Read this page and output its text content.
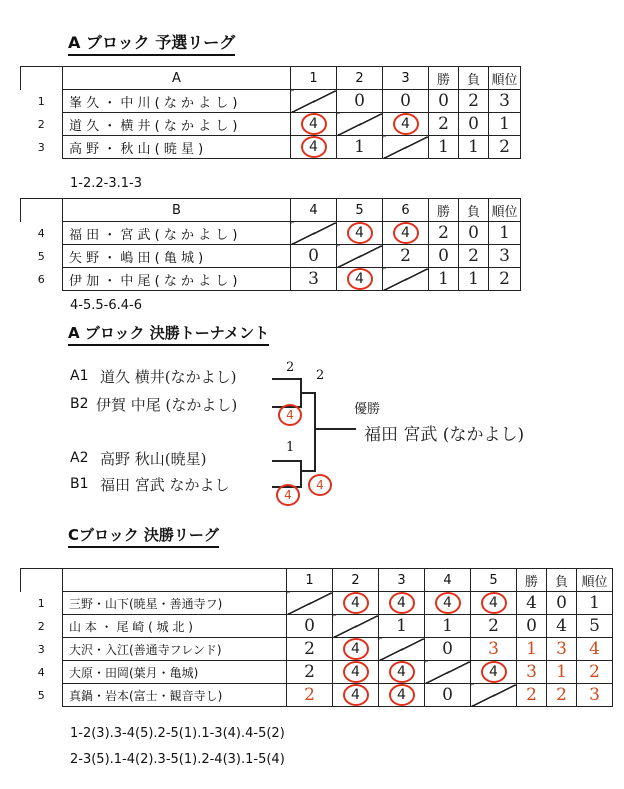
A ブロック 予選リーグ
	A	1	2	3	勝	負	順位
1	峯 久 ・ 中 川 ( な か よ し )		0	0	0	2	3
2	道 久 ・ 横 井 ( な か よ し )	4		4	2	0	1
3	高 野 ・ 秋 山 ( 暁 星 )	4	1		1	1	2
1-2.2-3.1-3
	B	4	5	6	勝	負	順位
4	福 田 ・ 宮 武 ( な か よ し )		4	4	2	0	1
5	矢 野 ・ 嶋 田 ( 亀 城 )	0		2	0	2	3
6	伊 加 ・ 中 尾 ( な か よ し )	3	4		1	1	2
4-5.5-6.4-6
A ブロック 決勝トーナメント
A1 道久 横井(なかよし)
B2 伊賀 中尾 (なかよし)
2
2
4
A2 高野 秋山(暁星)
B1 福田 宮武 なかよし
1
4
4
優勝
福田 宮武 (なかよし)
Cブロック 決勝リーグ
		1	2	3	4	5	勝	負	順位
1	三野・山下(暁星・善通寺フ)		4	4	4	4	4	0	1
2	山 本 ・ 尾 崎 ( 城 北 )	0		1	1	2	0	4	5
3	大沢・入江(善通寺フレンド)	2	4		0	3	1	3	4
4	大原・田岡(葉月・亀城)	2	4	4		4	3	1	2
5	真鍋・岩本(富士・観音寺し)	2	4	4	0		2	2	3
1-2(3).3-4(5).2-5(1).1-3(4).4-5(2)
2-3(5).1-4(2).3-5(1).2-4(3).1-5(4)
